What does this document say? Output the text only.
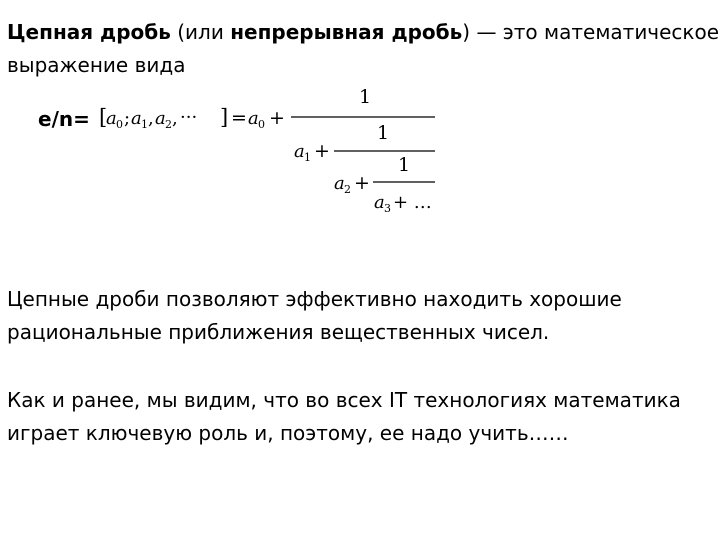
Цепная дробь (или непрерывная дробь) — это математическое
выражение вида

e/n= [
a 0 ; a 1 , a 2 , ··· ] = a 0 +
1
a 1 +
1
a 2 +
1
a 3 + …

Цепные дроби позволяют эффективно находить хорошие
рациональные приближения вещественных чисел.

Как и ранее, мы видим, что во всех IT технологиях математика
играет ключевую роль и, поэтому, ее надо учить……
